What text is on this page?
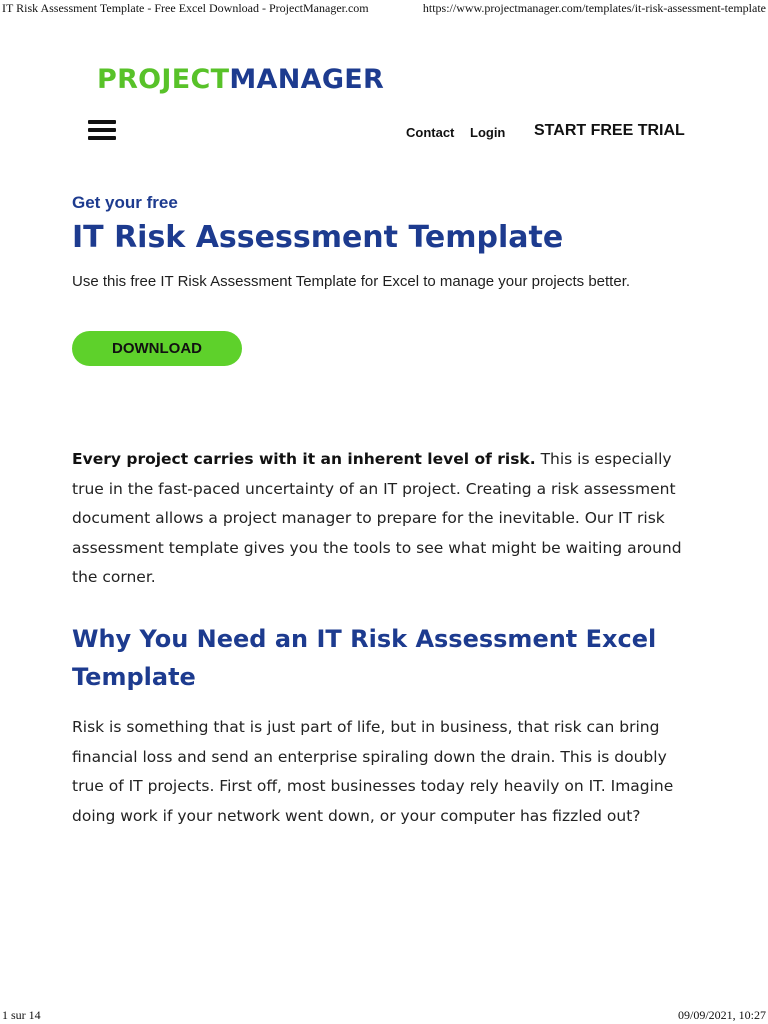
IT Risk Assessment Template - Free Excel Download - ProjectManager.com	https://www.projectmanager.com/templates/it-risk-assessment-template
PROJECTMANAGER
Contact Login START FREE TRIAL
Get your free
IT Risk Assessment Template

Use this free IT Risk Assessment Template for Excel to manage your projects better.

DOWNLOAD

Every project carries with it an inherent level of risk. This is especially true in the fast-paced uncertainty of an IT project. Creating a risk assessment document allows a project manager to prepare for the inevitable. Our IT risk assessment template gives you the tools to see what might be waiting around the corner.

Why You Need an IT Risk Assessment Excel Template

Risk is something that is just part of life, but in business, that risk can bring financial loss and send an enterprise spiraling down the drain. This is doubly true of IT projects. First off, most businesses today rely heavily on IT. Imagine doing work if your network went down, or your computer has fizzled out?

1 sur 14	09/09/2021, 10:27
